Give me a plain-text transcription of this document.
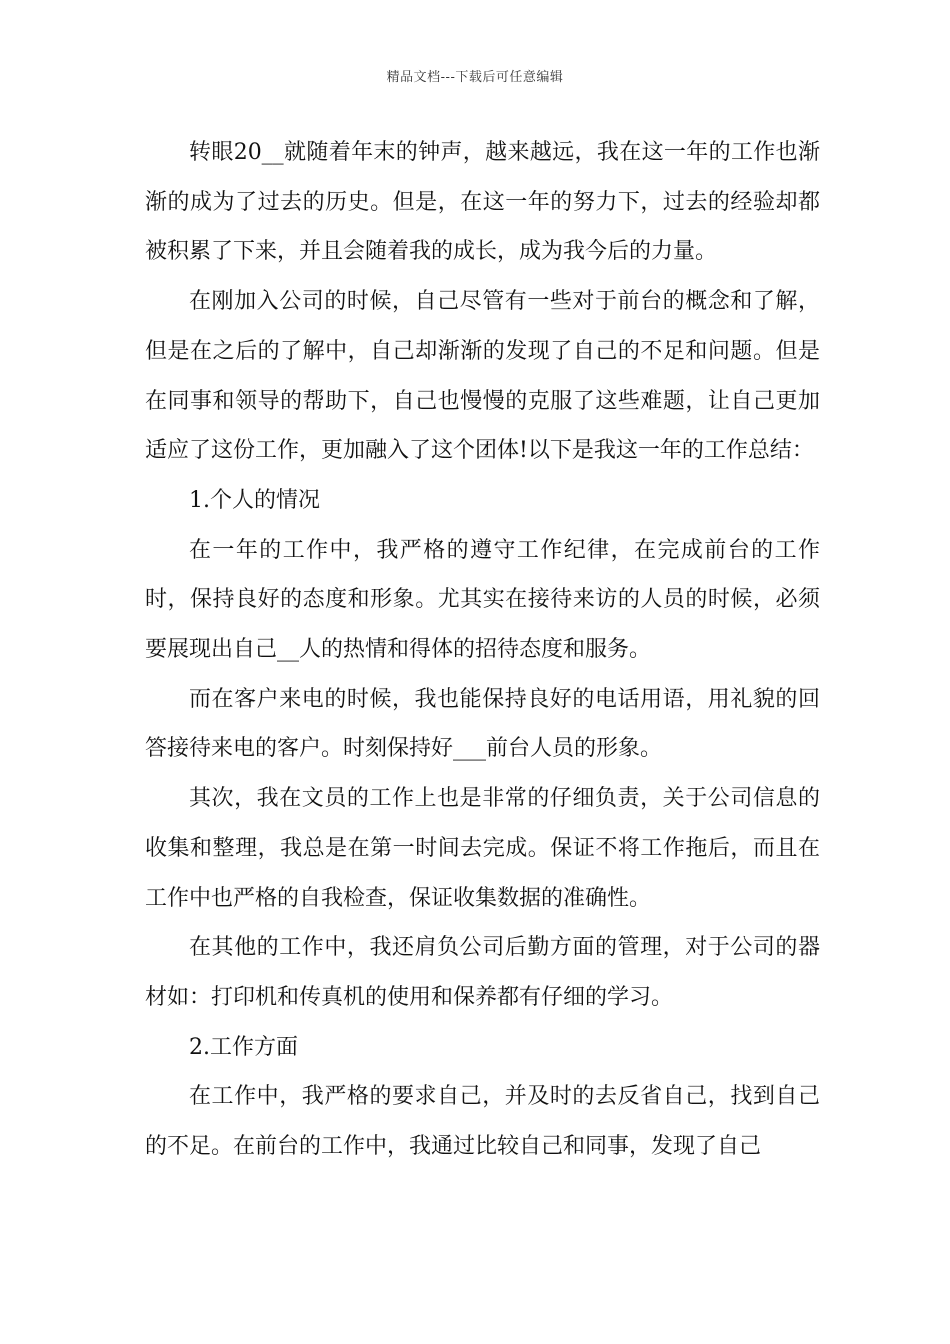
精品文档---下载后可任意编辑

转眼20__就随着年末的钟声，越来越远，我在这一年的工作也渐渐的成为了过去的历史。但是，在这一年的努力下，过去的经验却都被积累了下来，并且会随着我的成长，成为我今后的力量。

在刚加入公司的时候，自己尽管有一些对于前台的概念和了解，但是在之后的了解中，自己却渐渐的发现了自己的不足和问题。但是在同事和领导的帮助下，自己也慢慢的克服了这些难题，让自己更加适应了这份工作，更加融入了这个团体!以下是我这一年的工作总结：

1.个人的情况

在一年的工作中，我严格的遵守工作纪律，在完成前台的工作时，保持良好的态度和形象。尤其实在接待来访的人员的时候，必须要展现出自己__人的热情和得体的招待态度和服务。

而在客户来电的时候，我也能保持良好的电话用语，用礼貌的回答接待来电的客户。时刻保持好___前台人员的形象。

其次，我在文员的工作上也是非常的仔细负责，关于公司信息的收集和整理，我总是在第一时间去完成。保证不将工作拖后，而且在工作中也严格的自我检查，保证收集数据的准确性。

在其他的工作中，我还肩负公司后勤方面的管理，对于公司的器材如：打印机和传真机的使用和保养都有仔细的学习。

2.工作方面

在工作中，我严格的要求自己，并及时的去反省自己，找到自己的不足。在前台的工作中，我通过比较自己和同事，发现了自己
